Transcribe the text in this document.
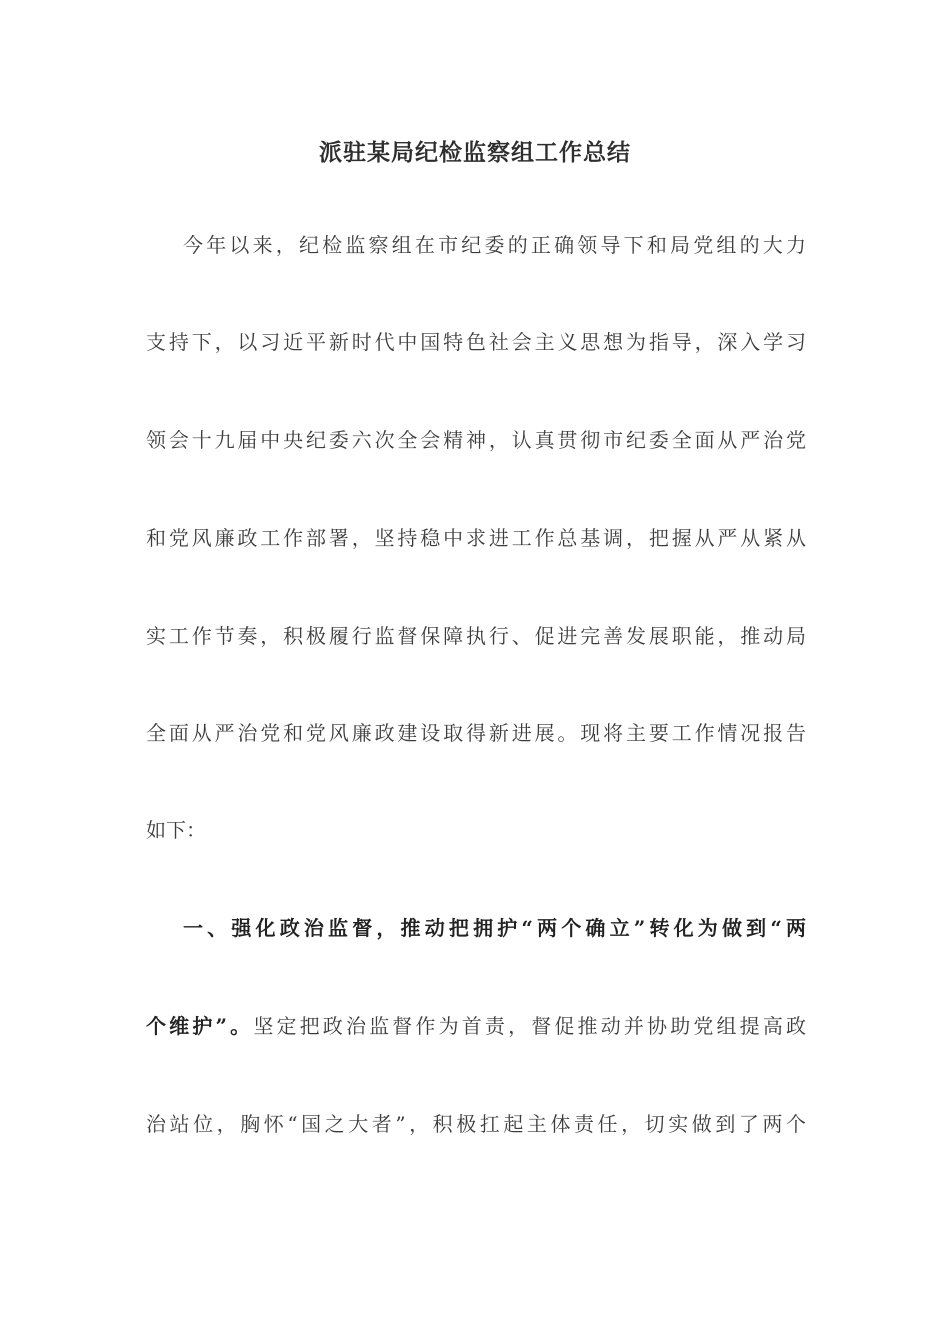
派驻某局纪检监察组工作总结
今年以来，纪检监察组在市纪委的正确领导下和局党组的大力
支持下，以习近平新时代中国特色社会主义思想为指导，深入学习
领会十九届中央纪委六次全会精神，认真贯彻市纪委全面从严治党
和党风廉政工作部署，坚持稳中求进工作总基调，把握从严从紧从
实工作节奏，积极履行监督保障执行、促进完善发展职能，推动局
全面从严治党和党风廉政建设取得新进展。现将主要工作情况报告
如下：
一、强化政治监督，推动把拥护“两个确立”转化为做到“两
个维护”。坚定把政治监督作为首责，督促推动并协助党组提高政
治站位，胸怀“国之大者”，积极扛起主体责任，切实做到了两个
